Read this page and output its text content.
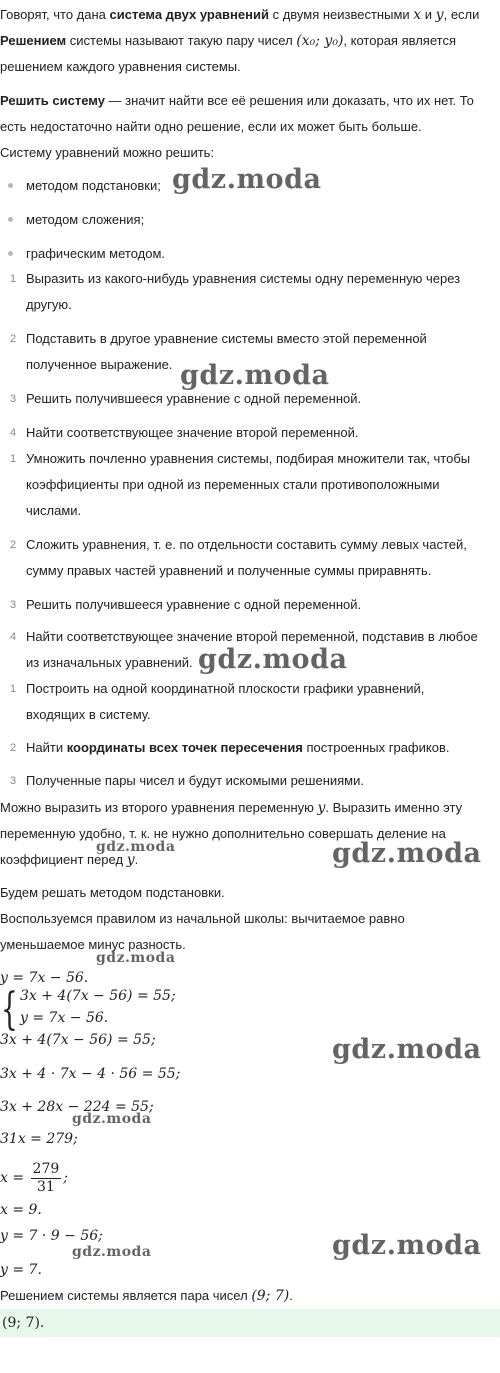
Говорят, что дана система двух уравнений с двумя неизвестными x и y, если
Решением системы называют такую пару чисел (x₀; y₀), которая является
решением каждого уравнения системы.
Решить систему — значит найти все её решения или доказать, что их нет. То
есть недостаточно найти одно решение, если их может быть больше.
Систему уравнений можно решить:
методом подстановки;
методом сложения;
графическим методом.
1 Выразить из какого-нибудь уравнения системы одну переменную через
другую.
2 Подставить в другое уравнение системы вместо этой переменной
полученное выражение.
3 Решить получившееся уравнение с одной переменной.
4 Найти соответствующее значение второй переменной.
1 Умножить почленно уравнения системы, подбирая множители так, чтобы
коэффициенты при одной из переменных стали противоположными
числами.
2 Сложить уравнения, т. е. по отдельности составить сумму левых частей,
сумму правых частей уравнений и полученные суммы приравнять.
3 Решить получившееся уравнение с одной переменной.
4 Найти соответствующее значение второй переменной, подставив в любое
из изначальных уравнений.
1 Построить на одной координатной плоскости графики уравнений,
входящих в систему.
2 Найти координаты всех точек пересечения построенных графиков.
3 Полученные пары чисел и будут искомыми решениями.
Можно выразить из второго уравнения переменную y. Выразить именно эту
переменную удобно, т. к. не нужно дополнительно совершать деление на
коэффициент перед y.
Будем решать методом подстановки.
Воспользуемся правилом из начальной школы: вычитаемое равно
уменьшаемое минус разность.
y = 7x − 56.
{ 3x + 4(7x − 56) = 55;
y = 7x − 56.
3x + 4(7x − 56) = 55;
3x + 4 · 7x − 4 · 56 = 55;
3x + 28x − 224 = 55;
31x = 279;
$x = \frac{279}{31}$ ;
x = 9.
y = 7 · 9 − 56;
y = 7.
Решением системы является пара чисел (9; 7).
(9; 7).
gdz.moda
gdz.moda
gdz.moda
gdz.moda	gdz.moda
gdz.moda
gdz.moda
gdz.moda
gdz.moda	gdz.moda
